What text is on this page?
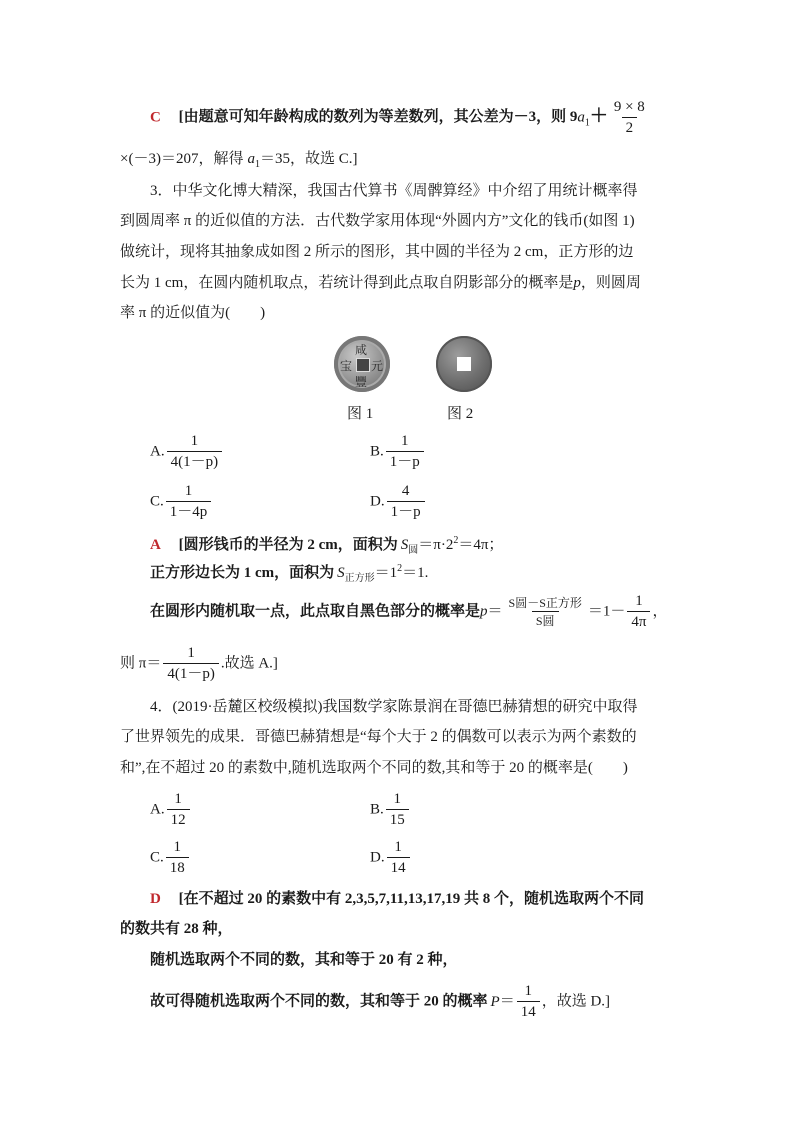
C [由题意可知年龄构成的数列为等差数列，其公差为－3，则 $9a_1+ \frac{9 \times 8}{2}$
×(－3)＝207，解得 $a_1=35$，故选 C.]
3．中华文化博大精深，我国古代算书《周髀算经》中介绍了用统计概率得
到圆周率 π 的近似值的方法．古代数学家用体现“外圆内方”文化的钱币(如图 1)
做统计，现将其抽象成如图 2 所示的图形，其中圆的半径为 2 cm，正方形的边
长为 1 cm，在圆内随机取点，若统计得到此点取自阴影部分的概率是p，则圆周
率 π 的近似值为(　　)
咸
元
宝
豐
图 1	图 2
A. $\frac{1}{4(1-p)}$	B. $\frac{1}{1-p}$
C. $\frac{1}{1-4p}$	D. $\frac{4}{1-p}$
A [圆形钱币的半径为 2 cm，面积为 $S_圆=\pi\cdot 2^2=4\pi$；
正方形边长为 1 cm，面积为 $S_{正方形}=1^2=1$.
在圆形内随机取一点，此点取自黑色部分的概率是$p= \frac{\text{S圆－S正方形}}{\text{S圆}} =1- \frac{1}{4\pi}$ ，
则 $\pi= \frac{1}{4(1-p)}$ .故选 A.]
4．(2019·岳麓区校级模拟)我国数学家陈景润在哥德巴赫猜想的研究中取得
了世界领先的成果．哥德巴赫猜想是“每个大于 2 的偶数可以表示为两个素数的
和”,在不超过 20 的素数中,随机选取两个不同的数,其和等于 20 的概率是(　　)
A. $\frac{1}{12}$	B. $\frac{1}{15}$
C. $\frac{1}{18}$	D. $\frac{1}{14}$
D [在不超过 20 的素数中有 2,3,5,7,11,13,17,19 共 8 个，随机选取两个不同
的数共有 28 种，
随机选取两个不同的数，其和等于 20 有 2 种，
故可得随机选取两个不同的数，其和等于 20 的概率 $P= \frac{1}{14}$ ，故选 D.]
